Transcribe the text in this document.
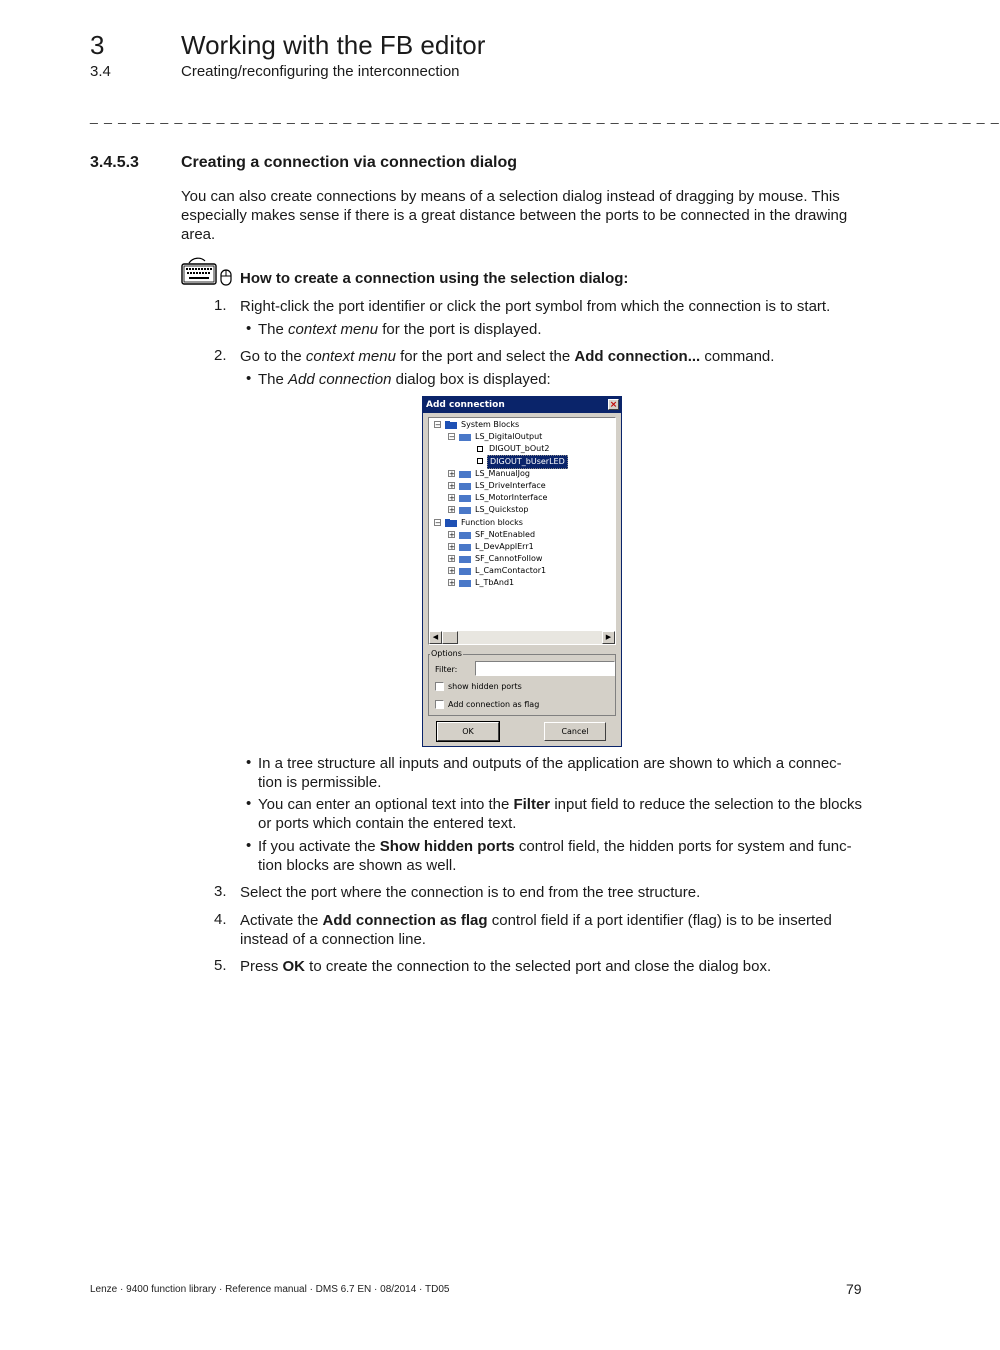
3	Working with the FB editor
3.4	Creating/reconfiguring the interconnection
_ _ _ _ _ _ _ _ _ _ _ _ _ _ _ _ _ _ _ _ _ _ _ _ _ _ _ _ _ _ _ _ _ _ _ _ _ _ _ _ _ _ _ _ _ _ _ _ _ _ _ _ _ _ _ _ _ _ _ _ _ _ _ _ _
3.4.5.3	Creating a connection via connection dialog
You can also create connections by means of a selection dialog instead of dragging by mouse. This especially makes sense if there is a great distance between the ports to be connected in the drawing area.
How to create a connection using the selection dialog:
1. Right-click the port identifier or click the port symbol from which the connection is to start.
• The context menu for the port is displayed.
2. Go to the context menu for the port and select the Add connection... command.
• The Add connection dialog box is displayed:
Add connection	×
−	System Blocks
−	LS_DigitalOutput
DIGOUT_bOut2
DIGOUT_bUserLED
+	LS_ManualJog
+	LS_DriveInterface
+	LS_MotorInterface
+	LS_Quickstop
−	Function blocks
+	SF_NotEnabled
+	L_DevApplErr1
+	SF_CannotFollow
+	L_CamContactor1
+	L_TbAnd1
◀	▶
Options
Filter:
show hidden ports
Add connection as flag
OK	Cancel
• In a tree structure all inputs and outputs of the application are shown to which a connec-tion is permissible.
• You can enter an optional text into the Filter input field to reduce the selection to the blocks or ports which contain the entered text.
• If you activate the Show hidden ports control field, the hidden ports for system and func-tion blocks are shown as well.
3. Select the port where the connection is to end from the tree structure.
4. Activate the Add connection as flag control field if a port identifier (flag) is to be inserted instead of a connection line.
5. Press OK to create the connection to the selected port and close the dialog box.
Lenze · 9400 function library · Reference manual · DMS 6.7 EN · 08/2014 · TD05	79
